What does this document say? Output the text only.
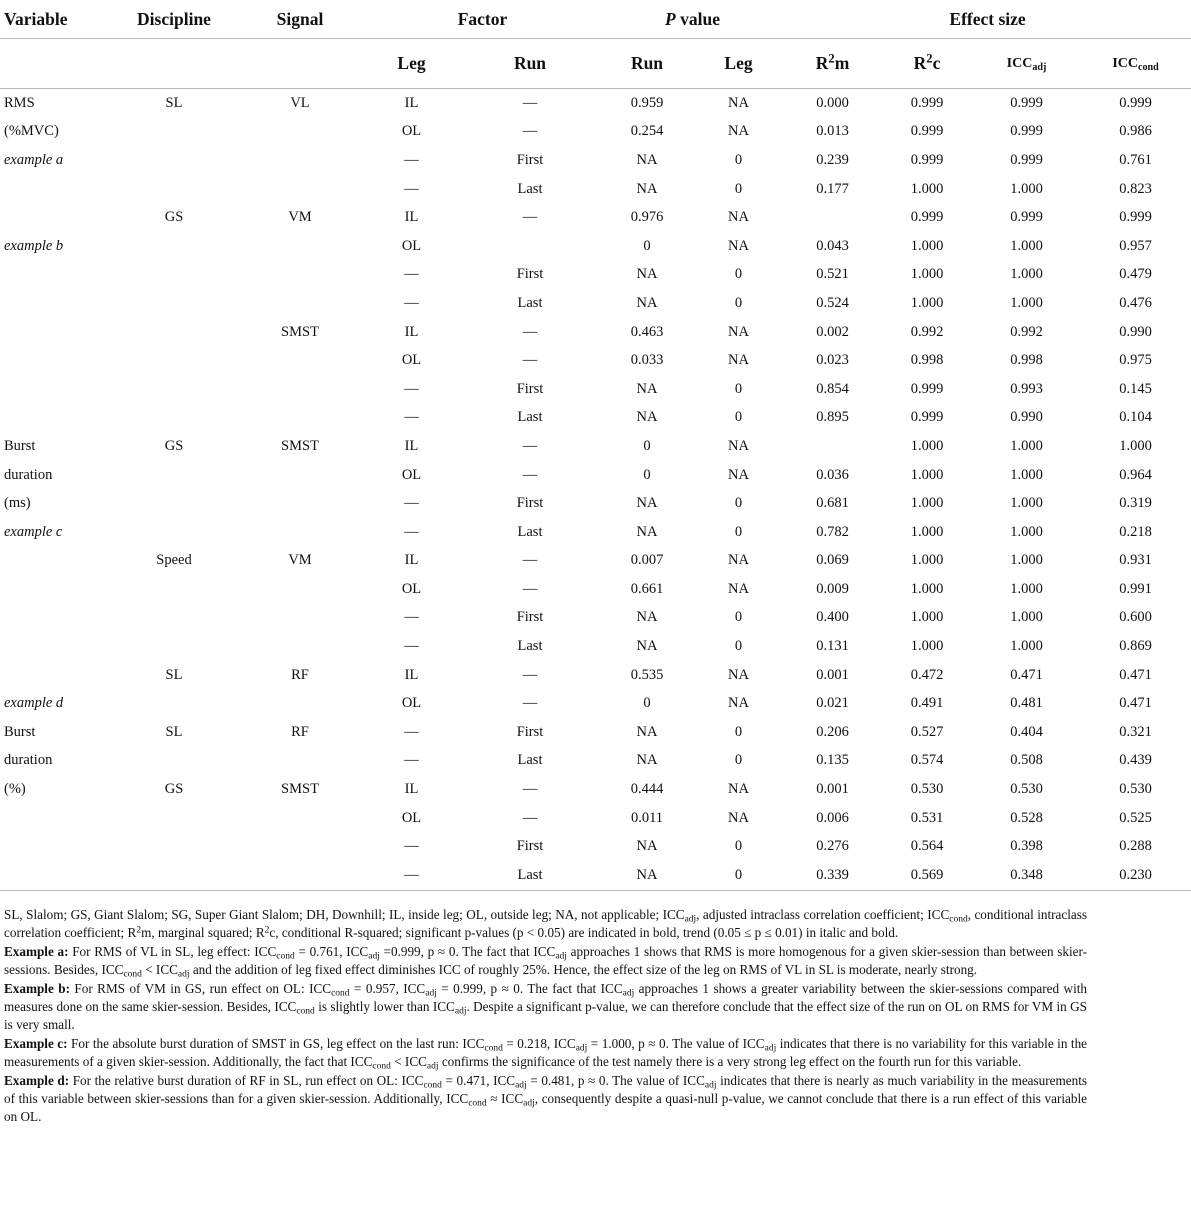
Variable	Discipline	Signal	Factor		P value		Effect size			
			Leg	Run	Run	Leg	$R^2m$	$R^2c$	$ICC_{adj}$	$ICC_{cond}$
RMS	SL	VL	IL	—	0.959	NA	0.000	0.999	0.999	0.999
(%MVC)			OL	—	0.254	NA	0.013	0.999	0.999	0.986
example a			—	First	NA	0	0.239	0.999	0.999	0.761
			—	Last	NA	0	0.177	1.000	1.000	0.823
	GS	VM	IL	—	0.976	NA		0.999	0.999	0.999
example b			OL		0	NA	0.043	1.000	1.000	0.957
			—	First	NA	0	0.521	1.000	1.000	0.479
			—	Last	NA	0	0.524	1.000	1.000	0.476
		SMST	IL	—	0.463	NA	0.002	0.992	0.992	0.990
			OL	—	0.033	NA	0.023	0.998	0.998	0.975
			—	First	NA	0	0.854	0.999	0.993	0.145
			—	Last	NA	0	0.895	0.999	0.990	0.104
Burst	GS	SMST	IL	—	0	NA		1.000	1.000	1.000
duration			OL	—	0	NA	0.036	1.000	1.000	0.964
(ms)			—	First	NA	0	0.681	1.000	1.000	0.319
example c			—	Last	NA	0	0.782	1.000	1.000	0.218
	Speed	VM	IL	—	0.007	NA	0.069	1.000	1.000	0.931
			OL	—	0.661	NA	0.009	1.000	1.000	0.991
			—	First	NA	0	0.400	1.000	1.000	0.600
			—	Last	NA	0	0.131	1.000	1.000	0.869
	SL	RF	IL	—	0.535	NA	0.001	0.472	0.471	0.471
example d			OL	—	0	NA	0.021	0.491	0.481	0.471
Burst	SL	RF	—	First	NA	0	0.206	0.527	0.404	0.321
duration			—	Last	NA	0	0.135	0.574	0.508	0.439
(%)	GS	SMST	IL	—	0.444	NA	0.001	0.530	0.530	0.530
			OL	—	0.011	NA	0.006	0.531	0.528	0.525
			—	First	NA	0	0.276	0.564	0.398	0.288
			—	Last	NA	0	0.339	0.569	0.348	0.230

SL, Slalom; GS, Giant Slalom; SG, Super Giant Slalom; DH, Downhill; IL, inside leg; OL, outside leg; NA, not applicable; $ICC_{adj}$, adjusted intraclass correlation coefficient; $ICC_{cond}$, conditional intraclass correlation coefficient; $R^2m$, marginal squared; $R^2c$, conditional R-squared; significant p-values (p < 0.05) are indicated in bold, trend (0.05 ≤ p ≤ 0.01) in italic and bold.

Example a: For RMS of VL in SL, leg effect: $ICC_{cond} = 0.761$, $ICC_{adj} =0.999$, p ≈ 0. The fact that $ICC_{adj}$ approaches 1 shows that RMS is more homogenous for a given skier-session than between skier-sessions. Besides, $ICC_{cond} < ICC_{adj}$ and the addition of leg fixed effect diminishes ICC of roughly 25%. Hence, the effect size of the leg on RMS of VL in SL is moderate, nearly strong.

Example b: For RMS of VM in GS, run effect on OL: $ICC_{cond} = 0.957$, $ICC_{adj} = 0.999$, p ≈ 0. The fact that $ICC_{adj}$ approaches 1 shows a greater variability between the skier-sessions compared with measures done on the same skier-session. Besides, $ICC_{cond}$ is slightly lower than $ICC_{adj}$. Despite a significant p-value, we can therefore conclude that the effect size of the run on OL on RMS for VM in GS is very small.

Example c: For the absolute burst duration of SMST in GS, leg effect on the last run: $ICC_{cond} = 0.218$, $ICC_{adj} = 1.000$, p ≈ 0. The value of $ICC_{adj}$ indicates that there is no variability for this variable in the measurements of a given skier-session. Additionally, the fact that $ICC_{cond} < ICC_{adj}$ confirms the significance of the test namely there is a very strong leg effect on the fourth run for this variable.

Example d: For the relative burst duration of RF in SL, run effect on OL: $ICC_{cond} = 0.471$, $ICC_{adj} = 0.481$, p ≈ 0. The value of $ICC_{adj}$ indicates that there is nearly as much variability in the measurements of this variable between skier-sessions than for a given skier-session. Additionally, $ICC_{cond} \approx ICC_{adj}$, consequently despite a quasi-null p-value, we cannot conclude that there is a run effect of this variable on OL.
